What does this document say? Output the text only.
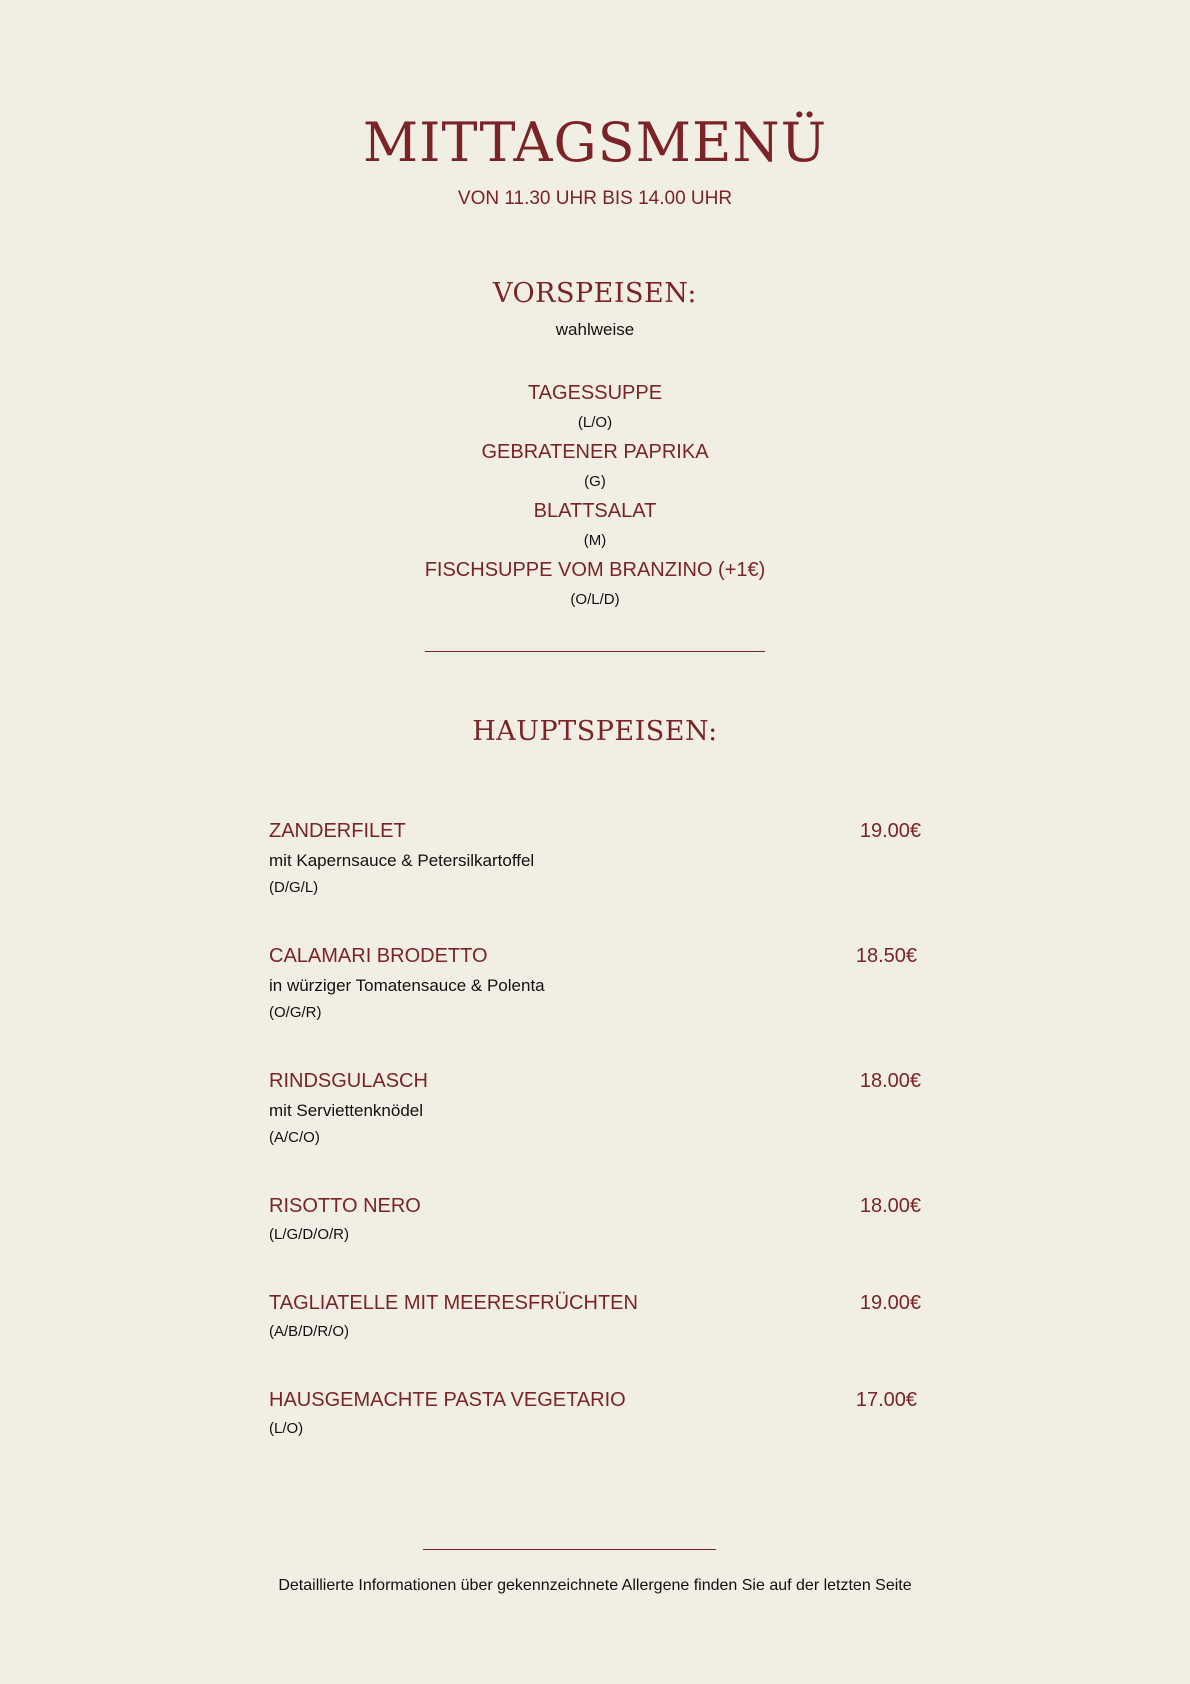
MITTAGSMENÜ
VON 11.30 UHR BIS 14.00 UHR
VORSPEISEN:
wahlweise
TAGESSUPPE
(L/O)
GEBRATENER PAPRIKA
(G)
BLATTSALAT
(M)
FISCHSUPPE VOM BRANZINO (+1€)
(O/L/D)
HAUPTSPEISEN:
ZANDERFILET	19.00€
mit Kapernsauce & Petersilkartoffel
(D/G/L)
CALAMARI BRODETTO	18.50€
in würziger Tomatensauce & Polenta
(O/G/R)
RINDSGULASCH	18.00€
mit Serviettenknödel
(A/C/O)
RISOTTO NERO	18.00€
(L/G/D/O/R)
TAGLIATELLE MIT MEERESFRÜCHTEN	19.00€
(A/B/D/R/O)
HAUSGEMACHTE PASTA VEGETARIO	17.00€
(L/O)
Detaillierte Informationen über gekennzeichnete Allergene finden Sie auf der letzten Seite
